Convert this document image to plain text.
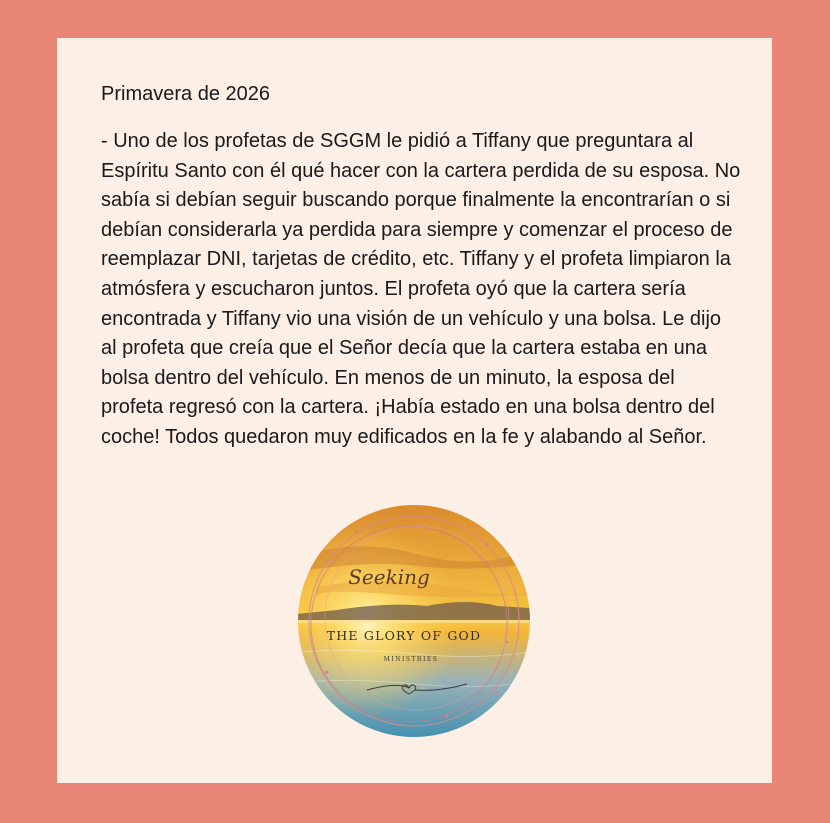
Primavera de 2026

- Uno de los profetas de SGGM le pidió a Tiffany que preguntara al Espíritu Santo con él qué hacer con la cartera perdida de su esposa. No sabía si debían seguir buscando porque finalmente la encontrarían o si debían considerarla ya perdida para siempre y comenzar el proceso de reemplazar DNI, tarjetas de crédito, etc. Tiffany y el profeta limpiaron la atmósfera y escucharon juntos. El profeta oyó que la cartera sería encontrada y Tiffany vio una visión de un vehículo y una bolsa. Le dijo al profeta que creía que el Señor decía que la cartera estaba en una bolsa dentro del vehículo. En menos de un minuto, la esposa del profeta regresó con la cartera. ¡Había estado en una bolsa dentro del coche! Todos quedaron muy edificados en la fe y alabando al Señor.

Seeking
THE GLORY OF GOD
MINISTRIES
